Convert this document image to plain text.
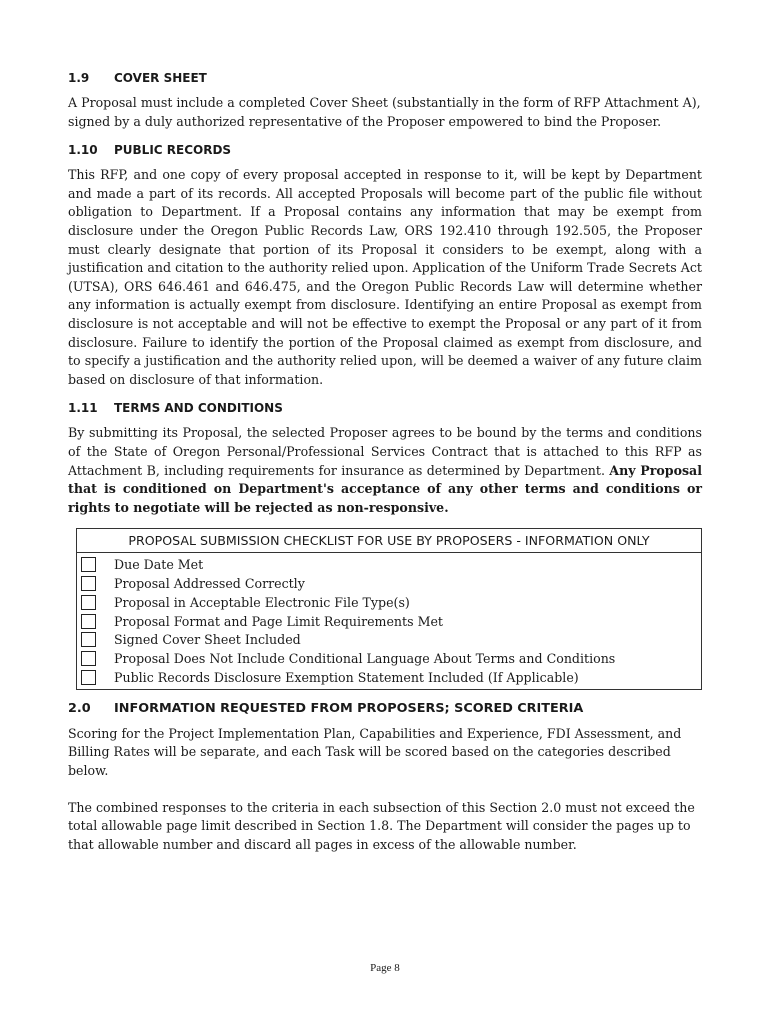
1.9	COVER SHEET

A Proposal must include a completed Cover Sheet (substantially in the form of RFP Attachment A), signed by a duly authorized representative of the Proposer empowered to bind the Proposer.

1.10	PUBLIC RECORDS

This RFP, and one copy of every proposal accepted in response to it, will be kept by Department and made a part of its records. All accepted Proposals will become part of the public file without obligation to Department. If a Proposal contains any information that may be exempt from disclosure under the Oregon Public Records Law, ORS 192.410 through 192.505, the Proposer must clearly designate that portion of its Proposal it considers to be exempt, along with a justification and citation to the authority relied upon. Application of the Uniform Trade Secrets Act (UTSA), ORS 646.461 and 646.475, and the Oregon Public Records Law will determine whether any information is actually exempt from disclosure. Identifying an entire Proposal as exempt from disclosure is not acceptable and will not be effective to exempt the Proposal or any part of it from disclosure. Failure to identify the portion of the Proposal claimed as exempt from disclosure, and to specify a justification and the authority relied upon, will be deemed a waiver of any future claim based on disclosure of that information.

1.11	TERMS AND CONDITIONS

By submitting its Proposal, the selected Proposer agrees to be bound by the terms and conditions of the State of Oregon Personal/Professional Services Contract that is attached to this RFP as Attachment B, including requirements for insurance as determined by Department. Any Proposal that is conditioned on Department's acceptance of any other terms and conditions or rights to negotiate will be rejected as non-responsive.

PROPOSAL SUBMISSION CHECKLIST FOR USE BY PROPOSERS - INFORMATION ONLY
Due Date Met
Proposal Addressed Correctly
Proposal in Acceptable Electronic File Type(s)
Proposal Format and Page Limit Requirements Met
Signed Cover Sheet Included
Proposal Does Not Include Conditional Language About Terms and Conditions
Public Records Disclosure Exemption Statement Included (If Applicable)
2.0	INFORMATION REQUESTED FROM PROPOSERS; SCORED CRITERIA

Scoring for the Project Implementation Plan, Capabilities and Experience, FDI Assessment, and Billing Rates will be separate, and each Task will be scored based on the categories described below.

The combined responses to the criteria in each subsection of this Section 2.0 must not exceed the total allowable page limit described in Section 1.8. The Department will consider the pages up to that allowable number and discard all pages in excess of the allowable number.

Page 8
